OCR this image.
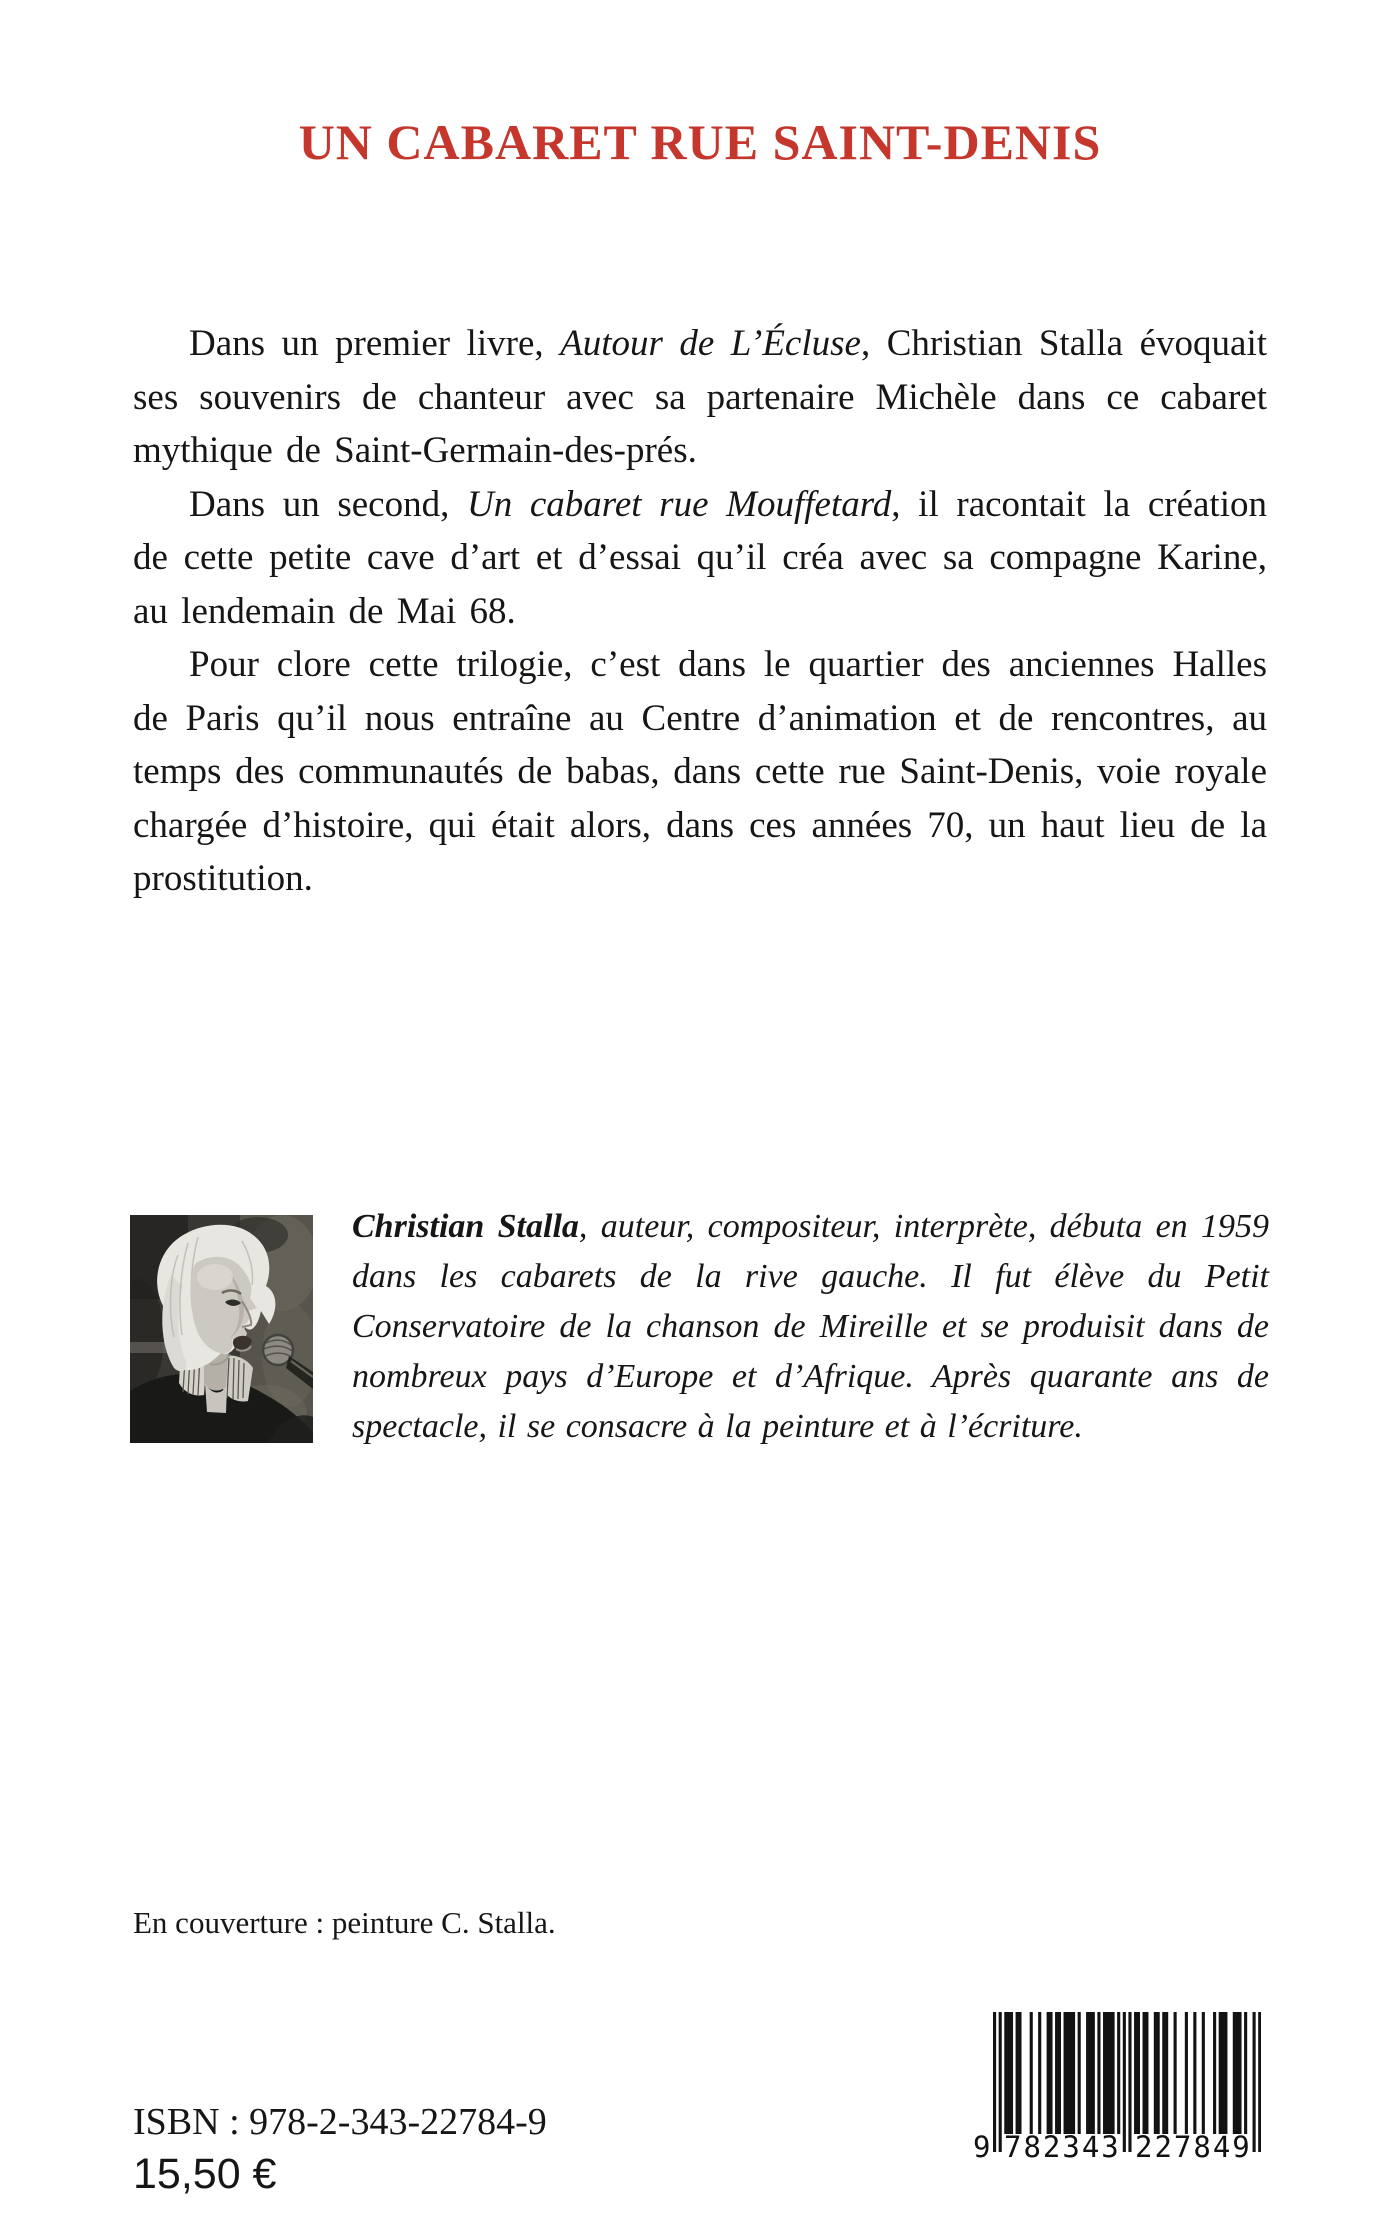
UN CABARET RUE SAINT-DENIS

Dans un premier livre, Autour de L’Écluse, Christian Stalla évoquait ses souvenirs de chanteur avec sa partenaire Michèle dans ce cabaret mythique de Saint-Germain-des-prés.

Dans un second, Un cabaret rue Mouffetard, il racontait la création de cette petite cave d’art et d’essai qu’il créa avec sa compagne Karine, au lendemain de Mai 68.

Pour clore cette trilogie, c’est dans le quartier des anciennes Halles de Paris qu’il nous entraîne au Centre d’animation et de rencontres, au temps des communautés de babas, dans cette rue Saint-Denis, voie royale chargée d’histoire, qui était alors, dans ces années 70, un haut lieu de la prostitution.

Christian Stalla, auteur, compositeur, interprète, débuta en 1959 dans les cabarets de la rive gauche. Il fut élève du Petit Conservatoire de la chanson de Mireille et se produisit dans de nombreux pays d’Europe et d’Afrique. Après quarante ans de spectacle, il se consacre à la peinture et à l’écriture.

En couverture : peinture C. Stalla.

ISBN : 978-2-343-22784-9

15,50 €

9 782343 227849
